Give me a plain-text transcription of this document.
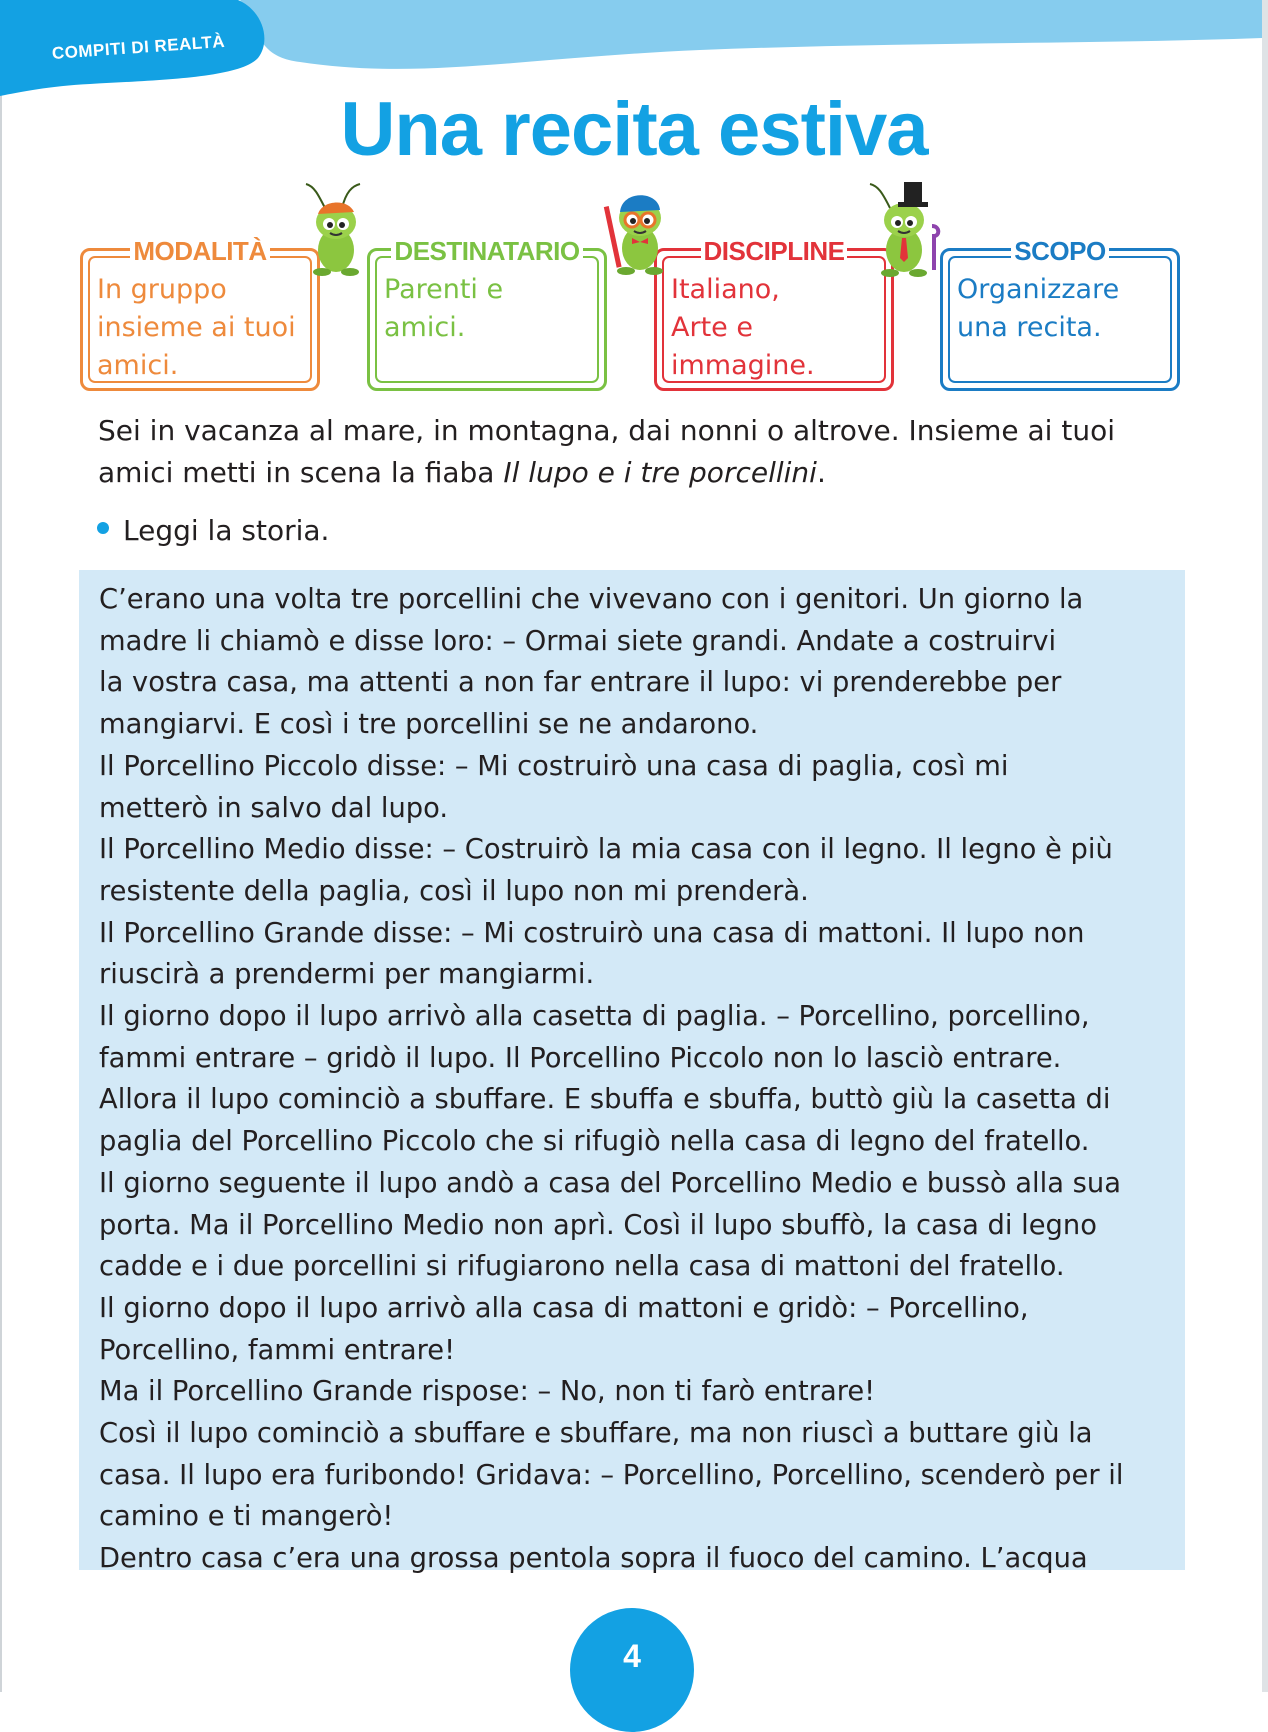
COMPITI DI REALTÀ
Una recita estiva
MODALITÀ
In gruppo
insieme ai tuoi
amici.
DESTINATARIO
Parenti e
amici.
DISCIPLINE
Italiano,
Arte e
immagine.
SCOPO
Organizzare
una recita.
Sei in vacanza al mare, in montagna, dai nonni o altrove. Insieme ai tuoi
amici metti in scena la fiaba Il lupo e i tre porcellini.
Leggi la storia.
C’erano una volta tre porcellini che vivevano con i genitori. Un giorno la
madre li chiamò e disse loro: – Ormai siete grandi. Andate a costruirvi
la vostra casa, ma attenti a non far entrare il lupo: vi prenderebbe per
mangiarvi. E così i tre porcellini se ne andarono.
Il Porcellino Piccolo disse: – Mi costruirò una casa di paglia, così mi
metterò in salvo dal lupo.
Il Porcellino Medio disse: – Costruirò la mia casa con il legno. Il legno è più
resistente della paglia, così il lupo non mi prenderà.
Il Porcellino Grande disse: – Mi costruirò una casa di mattoni. Il lupo non
riuscirà a prendermi per mangiarmi.
Il giorno dopo il lupo arrivò alla casetta di paglia. – Porcellino, porcellino,
fammi entrare – gridò il lupo. Il Porcellino Piccolo non lo lasciò entrare.
Allora il lupo cominciò a sbuffare. E sbuffa e sbuffa, buttò giù la casetta di
paglia del Porcellino Piccolo che si rifugiò nella casa di legno del fratello.
Il giorno seguente il lupo andò a casa del Porcellino Medio e bussò alla sua
porta. Ma il Porcellino Medio non aprì. Così il lupo sbuffò, la casa di legno
cadde e i due porcellini si rifugiarono nella casa di mattoni del fratello.
Il giorno dopo il lupo arrivò alla casa di mattoni e gridò: – Porcellino,
Porcellino, fammi entrare!
Ma il Porcellino Grande rispose: – No, non ti farò entrare!
Così il lupo cominciò a sbuffare e sbuffare, ma non riuscì a buttare giù la
casa. Il lupo era furibondo! Gridava: – Porcellino, Porcellino, scenderò per il
camino e ti mangerò!
Dentro casa c’era una grossa pentola sopra il fuoco del camino. L’acqua
4
